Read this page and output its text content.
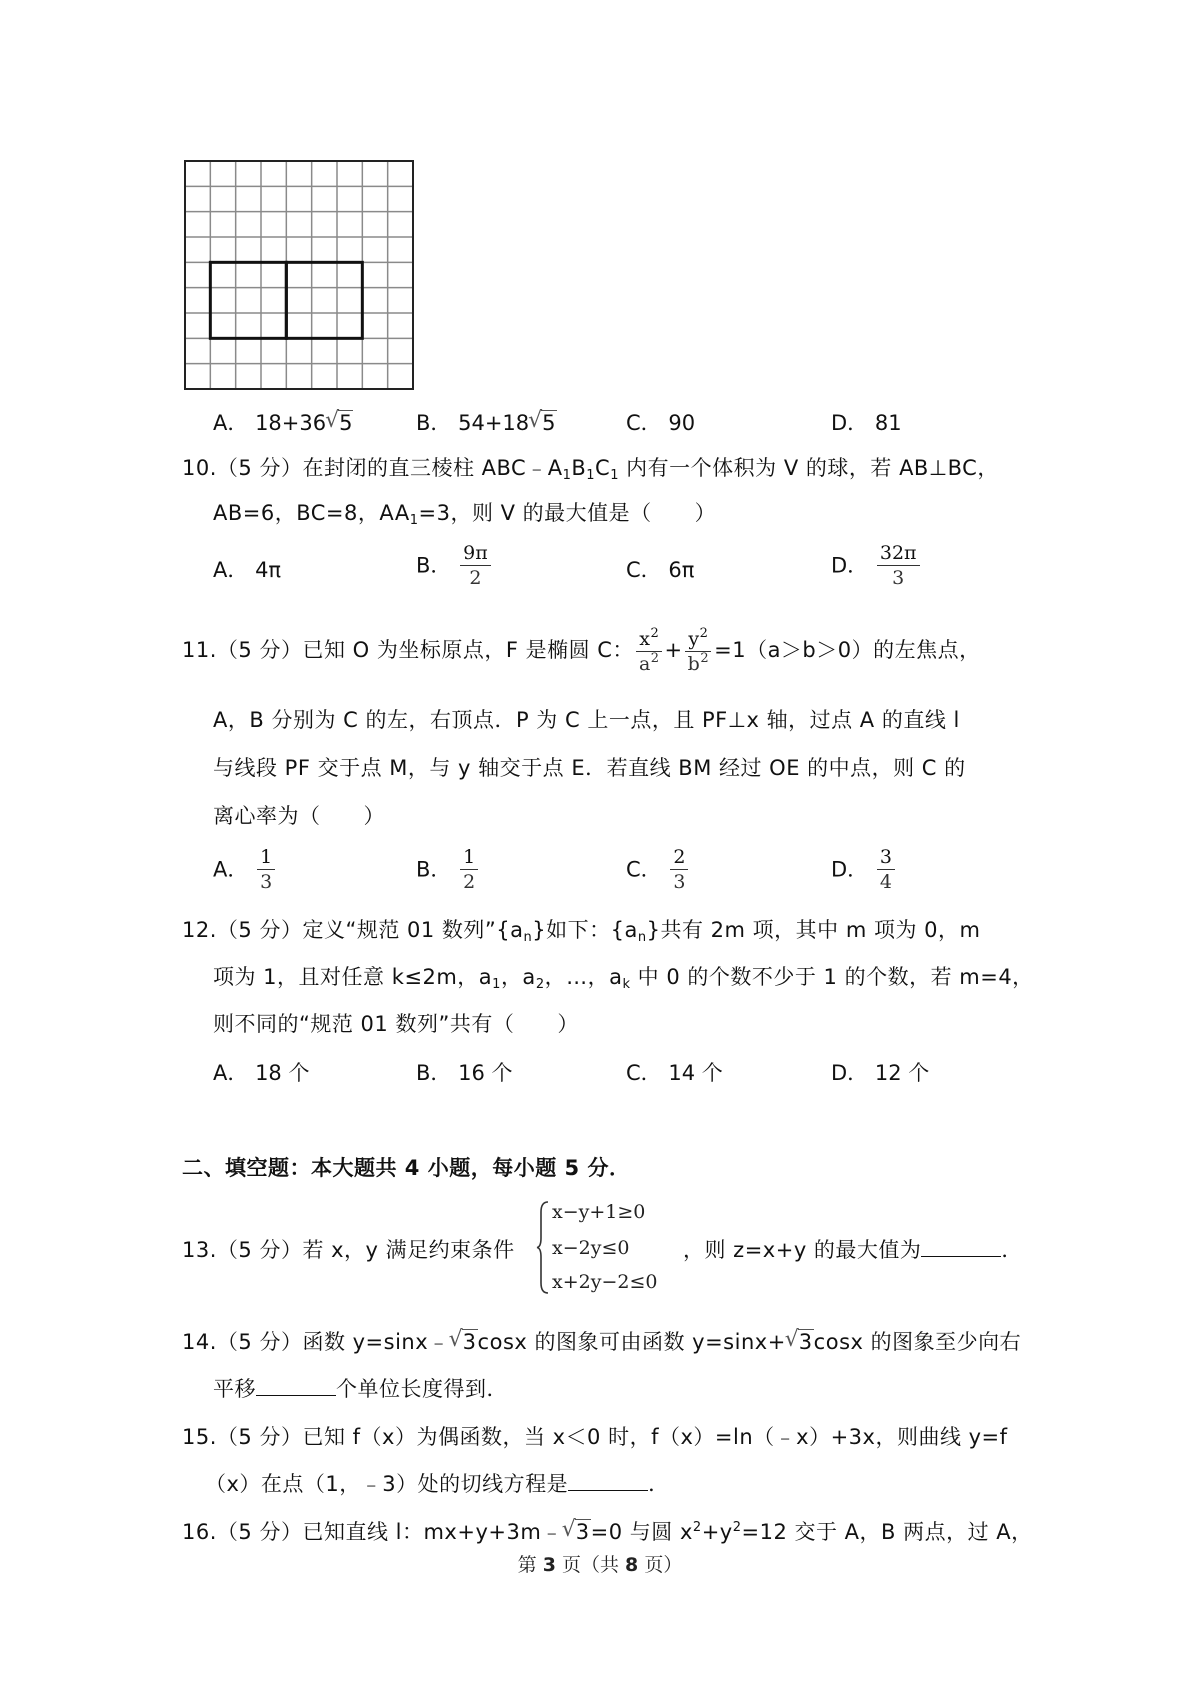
A． 18+36 √ 5	B． 54+18 √ 5	C． 90	D． 81
10.（5 分）在封闭的直三棱柱 $ABC﹣A_1B_1C_1$ 内有一个体积为 V 的球，若 AB⊥BC，
AB=6，BC=8，$AA_1=3$，则 V 的最大值是（　　）
A． 4π	B． $\frac{9\pi}{2}$	C． 6π	D． $\frac{32\pi}{3}$
11.（5 分）已知 O 为坐标原点，F 是椭圆 C： $\frac{x^2}{a^2} + \frac{y^2}{b^2} =1(a>b>0)$的左焦点，
A，B 分别为 C 的左，右顶点．P 为 C 上一点，且 PF⊥x 轴，过点 A 的直线 l
与线段 PF 交于点 M，与 y 轴交于点 E．若直线 BM 经过 OE 的中点，则 C 的
离心率为（　　）
A． $\frac{1}{3}$	B． $\frac{1}{2}$	C． $\frac{2}{3}$	D． $\frac{3}{4}$
12.（5 分）定义“规范 01 数列$”\{a_n\}$如下：$\{a_n\}$共有 2m 项，其中 m 项为 0，m
项为 1，且对任意 k≤2m，$a_1$，$a_2$，…，$a_k$ 中 0 的个数不少于 1 的个数，若 m=4，
则不同的“规范 01 数列”共有（　　）
A． 18 个	B． 16 个	C． 14 个	D． 12 个
二、填空题：本大题共 4 小题，每小题 5 分．
13.（5 分）若 x，y 满足约束条件
x−y+1≥0
x−2y≤0
x+2y−2≤0
，则 z=x+y 的最大值为	．
14.（5 分）函数 y=sinx﹣ √ 3cosx 的图象可由函数 y=sinx+ √ 3cosx 的图象至少向右
平移	个单位长度得到．
15.（5 分）已知 f（x）为偶函数，当 x＜0 时，f（x）=ln（﹣x）+3x，则曲线 y=f
（x）在点（1，﹣3）处的切线方程是	．
16.（5 分）已知直线 l：mx+y+3m﹣ √ 3=0 与圆 $x^2+y^2=12$ 交于 A，B 两点，过 A，
第 3 页（共 8 页）
